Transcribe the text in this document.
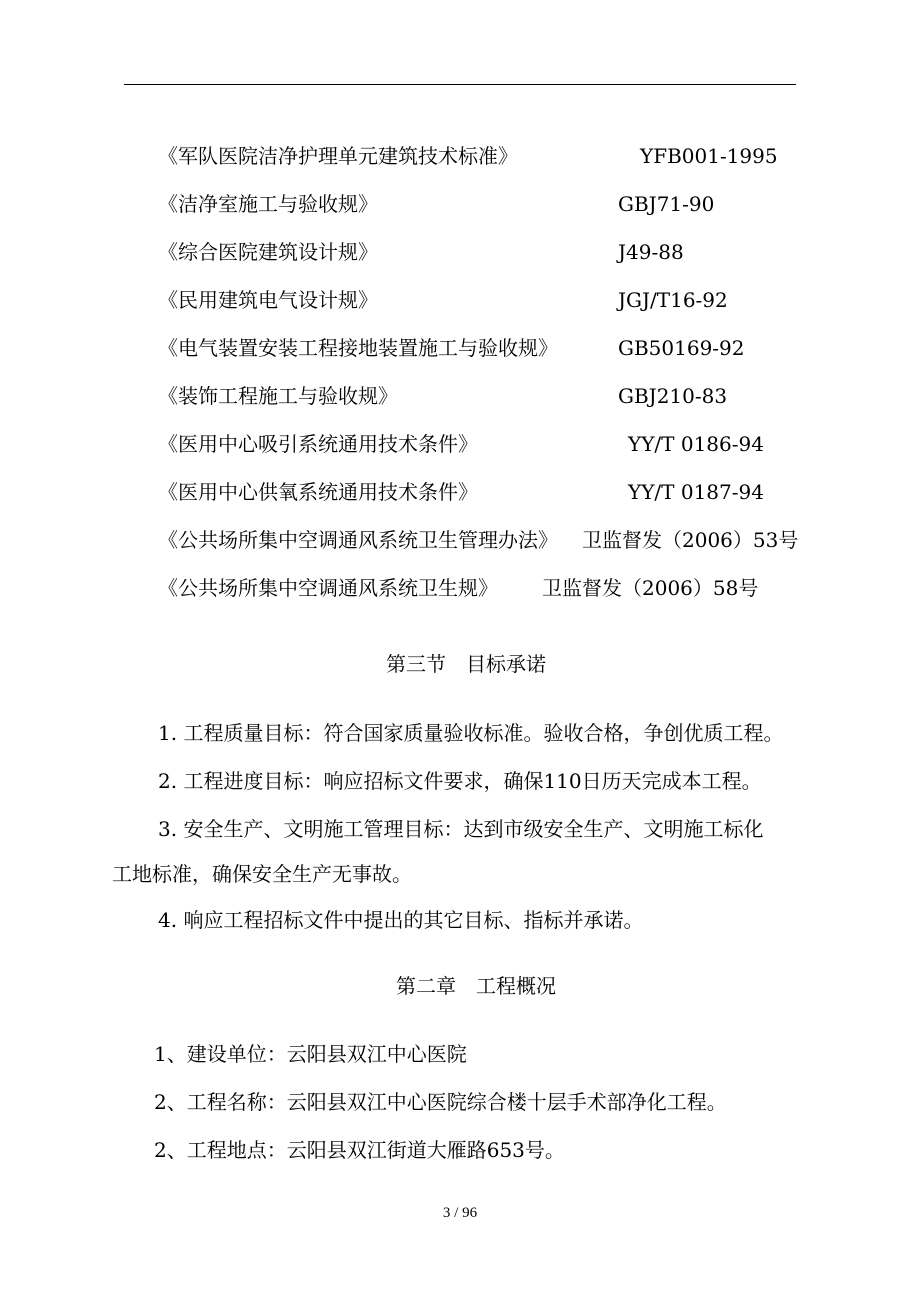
《军队医院洁净护理单元建筑技术标准》	YFB001-1995
《洁净室施工与验收规》	GBJ71-90
《综合医院建筑设计规》	J49-88
《民用建筑电气设计规》	JGJ/T16-92
《电气装置安装工程接地装置施工与验收规》	GB50169-92
《装饰工程施工与验收规》	GBJ210-83
《医用中心吸引系统通用技术条件》	YY/T 0186-94
《医用中心供氧系统通用技术条件》	YY/T 0187-94
《公共场所集中空调通风系统卫生管理办法》 卫监督发（2006）53号
《公共场所集中空调通风系统卫生规》 卫监督发（2006）58号
第三节　目标承诺
1. 工程质量目标：符合国家质量验收标准。验收合格，争创优质工程。
2. 工程进度目标：响应招标文件要求，确保110日历天完成本工程。
3. 安全生产、文明施工管理目标：达到市级安全生产、文明施工标化
工地标准，确保安全生产无事故。
4. 响应工程招标文件中提出的其它目标、指标并承诺。
第二章　工程概况
1、建设单位：云阳县双江中心医院
2、工程名称：云阳县双江中心医院综合楼十层手术部净化工程。
2、工程地点：云阳县双江街道大雁路653号。
3 / 96
